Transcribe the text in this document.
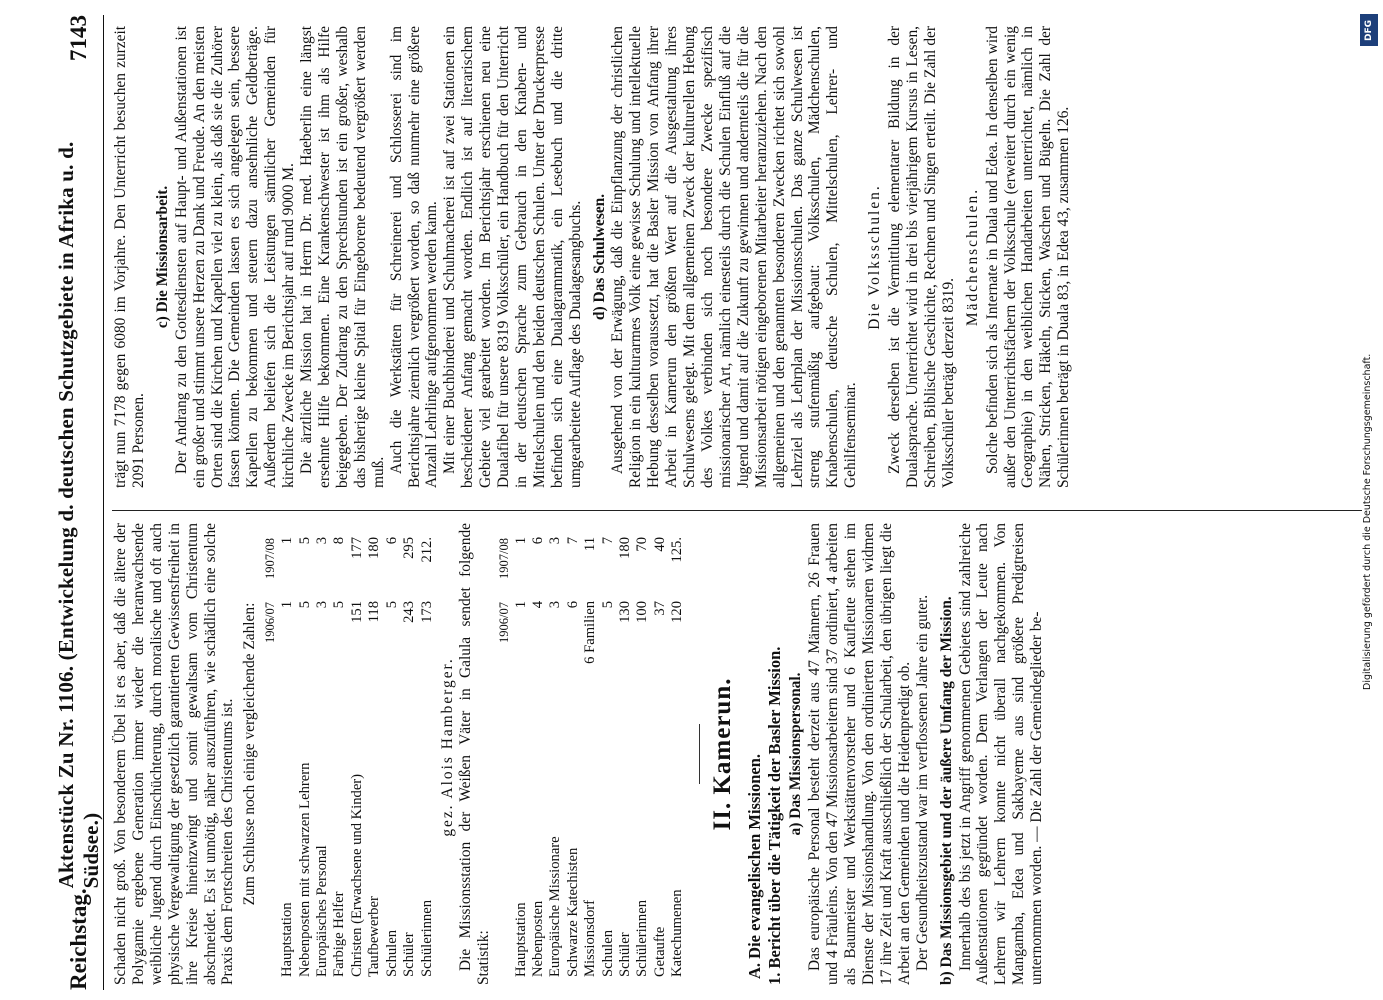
Reichstag.
Aktenstück Zu Nr. 1106. (Entwickelung d. deutschen Schutzgebiete in Afrika u. d. Südsee.)
7143

Schaden nicht groß. Von besonderem Übel ist es aber, daß die ältere der Polygamie ergebene Generation immer wieder die heranwachsende weibliche Jugend durch Einschüchterung, durch moralische und oft auch physische Vergewaltigung der gesetzlich garantierten Gewissensfreiheit in ihre Kreise hineinzwingt und somit gewaltsam vom Christentum abschneidet. Es ist unnötig, näher auszuführen, wie schädlich eine solche Praxis dem Fortschreiten des Christentums ist. Zum Schlusse noch einige vergleichende Zahlen:

	1906/07	1907/08
Hauptstation	1	1
Nebenposten mit schwarzen Lehrern	5	5
Europäisches Personal	3	3
Farbige Helfer	5	8
Christen (Erwachsene und Kinder)	151	177
Taufbewerber	118	180
Schulen	5	6
Schüler	243	295
Schülerinnen	173	212.

gez. Alois Hamberger. Die Missionsstation der Weißen Väter in Galula sendet folgende Statistik:

	1906/07	1907/08
Hauptstation	1	1
Nebenposten	4	6
Europäische Missionare	3	3
Schwarze Katechisten	6	7
Missionsdorf	6 Familien	11
Schulen	5	7
Schüler	130	180
Schülerinnen	100	70
Getaufte	37	40
Katechumenen	120	125.
II. Kamerun. A. Die evangelischen Missionen. 1. Bericht über die Tätigkeit der Basler Mission. a) Das Missionspersonal. Das europäische Personal besteht derzeit aus 47 Männern, 26 Frauen und 4 Fräuleins. Von den 47 Missionsarbeitern sind 37 ordiniert, 4 arbeiten als Baumeister und Werkstättenvorsteher und 6 Kaufleute stehen im Dienste der Missionshandlung. Von den ordinierten Missionaren widmen 17 ihre Zeit und Kraft ausschließlich der Schularbeit, den übrigen liegt die Arbeit an den Gemeinden und die Heidenpredigt ob. Der Gesundheitszustand war im verflossenen Jahre ein guter. b) Das Missionsgebiet und der äußere Umfang der Mission. Innerhalb des bis jetzt in Angriff genommenen Gebietes sind zahlreiche Außenstationen gegründet worden. Dem Verlangen der Leute nach Lehrern wir Lehrern konnte nicht überall nachgekommen. Von Mangamba, Edea und Sakbayeme aus sind größere Predigtreisen unternommen worden. — Die Zahl der Gemeindeglieder be-

trägt nun 7178 gegen 6080 im Vorjahre. Den Unterricht besuchen zurzeit 2091 Personen.

c) Die Missionsarbeit. Der Andrang zu den Gottesdiensten auf Haupt- und Außenstationen ist ein großer und stimmt unsere Herzen zu Dank und Freude. An den meisten Orten sind die Kirchen und Kapellen viel zu klein, als daß sie die Zuhörer fassen könnten. Die Gemeinden lassen es sich angelegen sein, bessere Kapellen zu bekommen und steuern dazu ansehnliche Geldbeträge. Außerdem beliefen sich die Leistungen sämtlicher Gemeinden für kirchliche Zwecke im Berichtsjahr auf rund 9000 M. Die ärztliche Mission hat in Herrn Dr. med. Haeberlin eine längst ersehnte Hilfe bekommen. Eine Krankenschwester ist ihm als Hilfe beigegeben. Der Zudrang zu den Sprechstunden ist ein großer, weshalb das bisherige kleine Spital für Eingeborene bedeutend vergrößert werden muß. Auch die Werkstätten für Schreinerei und Schlosserei sind im Berichtsjahre ziemlich vergrößert worden, so daß nunmehr eine größere Anzahl Lehrlinge aufgenommen werden kann. Mit einer Buchbinderei und Schuhmacherei ist auf zwei Stationen ein bescheidener Anfang gemacht worden. Endlich ist auf literarischem Gebiete viel gearbeitet worden. Im Berichtsjahr erschienen neu eine Dualafibel für unsere 8319 Volksschüler, ein Handbuch für den Unterricht in der deutschen Sprache zum Gebrauch in den Knaben- und Mittelschulen und den beiden deutschen Schulen. Unter der Druckerpresse befinden sich eine Dualagrammatik, ein Lesebuch und die dritte umgearbeitete Auflage des Dualagesangbuchs. d) Das Schulwesen. Ausgehend von der Erwägung, daß die Einpflanzung der christlichen Religion in ein kulturarmes Volk eine gewisse Schulung und intellektuelle Hebung desselben voraussetzt, hat die Basler Mission von Anfang ihrer Arbeit in Kamerun den größten Wert auf die Ausgestaltung ihres Schulwesens gelegt. Mit dem allgemeinen Zweck der kulturellen Hebung des Volkes verbinden sich noch besondere Zwecke spezifisch missionarischer Art, nämlich einesteils durch die Schulen Einfluß auf die Jugend und damit auf die Zukunft zu gewinnen und andernteils die für die Missionsarbeit nötigen eingeborenen Mitarbeiter heranzuziehen. Nach den allgemeinen und den genannten besonderen Zwecken richtet sich sowohl Lehrziel als Lehrplan der Missionsschulen. Das ganze Schulwesen ist streng stufenmäßig aufgebaut: Volksschulen, Mädchenschulen, Knabenschulen, deutsche Schulen, Mittelschulen, Lehrer- und Gehilfenseminar.

Die Volksschulen. Zweck derselben ist die Vermittlung elementarer Bildung in der Dualasprache. Unterrichtet wird in drei bis vierjährigem Kursus in Lesen, Schreiben, Biblische Geschichte, Rechnen und Singen erteilt. Die Zahl der Volksschüler beträgt derzeit 8319.

Mädchenschulen. Solche befinden sich als Internate in Duala und Edea. In denselben wird außer den Unterrichtsfächern der Volksschule (erweitert durch ein wenig Geographie) in den weiblichen Handarbeiten unterrichtet, nämlich in Nähen, Stricken, Häkeln, Sticken, Waschen und Bügeln. Die Zahl der Schülerinnen beträgt in Duala 83, in Edea 43, zusammen 126.

DFG
Digitalisierung gefördert durch die Deutsche Forschungsgemeinschaft.
